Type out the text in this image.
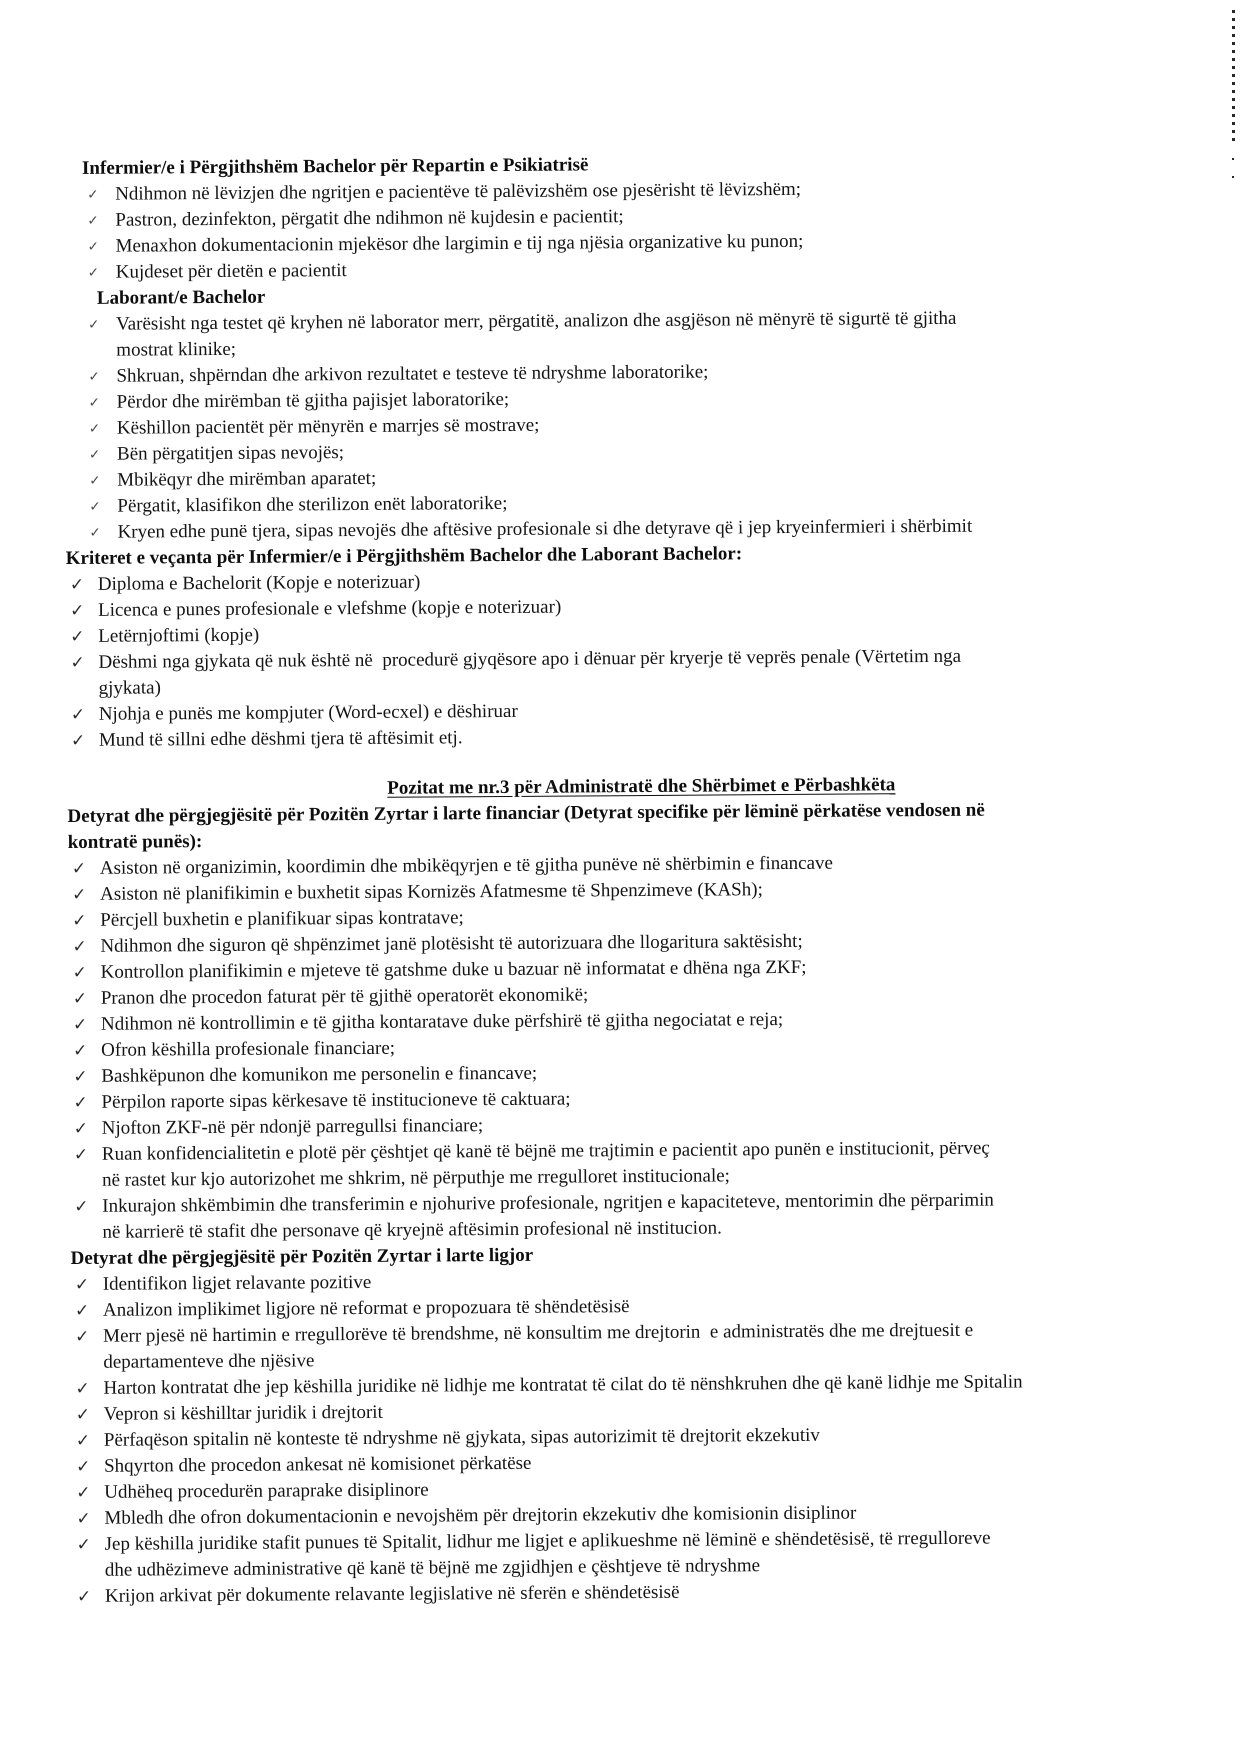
Infermier/e i Përgjithshëm Bachelor për Repartin e Psikiatrisë
✓ Ndihmon në lëvizjen dhe ngritjen e pacientëve të palëvizshëm ose pjesërisht të lëvizshëm;
✓ Pastron, dezinfekton, përgatit dhe ndihmon në kujdesin e pacientit;
✓ Menaxhon dokumentacionin mjekësor dhe largimin e tij nga njësia organizative ku punon;
✓ Kujdeset për dietën e pacientit
Laborant/e Bachelor
✓ Varësisht nga testet që kryhen në laborator merr, përgatitë, analizon dhe asgjëson në mënyrë të sigurtë të gjitha
mostrat klinike;
✓ Shkruan, shpërndan dhe arkivon rezultatet e testeve të ndryshme laboratorike;
✓ Përdor dhe mirëmban të gjitha pajisjet laboratorike;
✓ Këshillon pacientët për mënyrën e marrjes së mostrave;
✓ Bën përgatitjen sipas nevojës;
✓ Mbikëqyr dhe mirëmban aparatet;
✓ Përgatit, klasifikon dhe sterilizon enët laboratorike;
✓ Kryen edhe punë tjera, sipas nevojës dhe aftësive profesionale si dhe detyrave që i jep kryeinfermieri i shërbimit
Kriteret e veçanta për Infermier/e i Përgjithshëm Bachelor dhe Laborant Bachelor:
✓ Diploma e Bachelorit (Kopje e noterizuar)
✓ Licenca e punes profesionale e vlefshme (kopje e noterizuar)
✓ Letërnjoftimi (kopje)
✓ Dëshmi nga gjykata që nuk është në  procedurë gjyqësore apo i dënuar për kryerje të veprës penale (Vërtetim nga
gjykata)
✓ Njohja e punës me kompjuter (Word-ecxel) e dëshiruar
✓ Mund të sillni edhe dëshmi tjera të aftësimit etj.
Pozitat me nr.3 për Administratë dhe Shërbimet e Përbashkëta
Detyrat dhe përgjegjësitë për Pozitën Zyrtar i larte financiar (Detyrat specifike për lëminë përkatëse vendosen në
kontratë punës):
✓ Asiston në organizimin, koordimin dhe mbikëqyrjen e të gjitha punëve në shërbimin e financave
✓ Asiston në planifikimin e buxhetit sipas Kornizës Afatmesme të Shpenzimeve (KASh);
✓ Përcjell buxhetin e planifikuar sipas kontratave;
✓ Ndihmon dhe siguron që shpënzimet janë plotësisht të autorizuara dhe llogaritura saktësisht;
✓ Kontrollon planifikimin e mjeteve të gatshme duke u bazuar në informatat e dhëna nga ZKF;
✓ Pranon dhe procedon faturat për të gjithë operatorët ekonomikë;
✓ Ndihmon në kontrollimin e të gjitha kontaratave duke përfshirë të gjitha negociatat e reja;
✓ Ofron këshilla profesionale financiare;
✓ Bashkëpunon dhe komunikon me personelin e financave;
✓ Përpilon raporte sipas kërkesave të institucioneve të caktuara;
✓ Njofton ZKF-në për ndonjë parregullsi financiare;
✓ Ruan konfidencialitetin e plotë për çështjet që kanë të bëjnë me trajtimin e pacientit apo punën e institucionit, përveç
në rastet kur kjo autorizohet me shkrim, në përputhje me rregulloret institucionale;
✓ Inkurajon shkëmbimin dhe transferimin e njohurive profesionale, ngritjen e kapaciteteve, mentorimin dhe përparimin
në karrierë të stafit dhe personave që kryejnë aftësimin profesional në institucion.
Detyrat dhe përgjegjësitë për Pozitën Zyrtar i larte ligjor
✓ Identifikon ligjet relavante pozitive
✓ Analizon implikimet ligjore në reformat e propozuara të shëndetësisë
✓ Merr pjesë në hartimin e rregullorëve të brendshme, në konsultim me drejtorin  e administratës dhe me drejtuesit e
departamenteve dhe njësive
✓ Harton kontratat dhe jep këshilla juridike në lidhje me kontratat të cilat do të nënshkruhen dhe që kanë lidhje me Spitalin
✓ Vepron si këshilltar juridik i drejtorit
✓ Përfaqëson spitalin në konteste të ndryshme në gjykata, sipas autorizimit të drejtorit ekzekutiv
✓ Shqyrton dhe procedon ankesat në komisionet përkatëse
✓ Udhëheq procedurën paraprake disiplinore
✓ Mbledh dhe ofron dokumentacionin e nevojshëm për drejtorin ekzekutiv dhe komisionin disiplinor
✓ Jep këshilla juridike stafit punues të Spitalit, lidhur me ligjet e aplikueshme në lëminë e shëndetësisë, të rregulloreve
dhe udhëzimeve administrative që kanë të bëjnë me zgjidhjen e çështjeve të ndryshme
✓ Krijon arkivat për dokumente relavante legjislative në sferën e shëndetësisë
